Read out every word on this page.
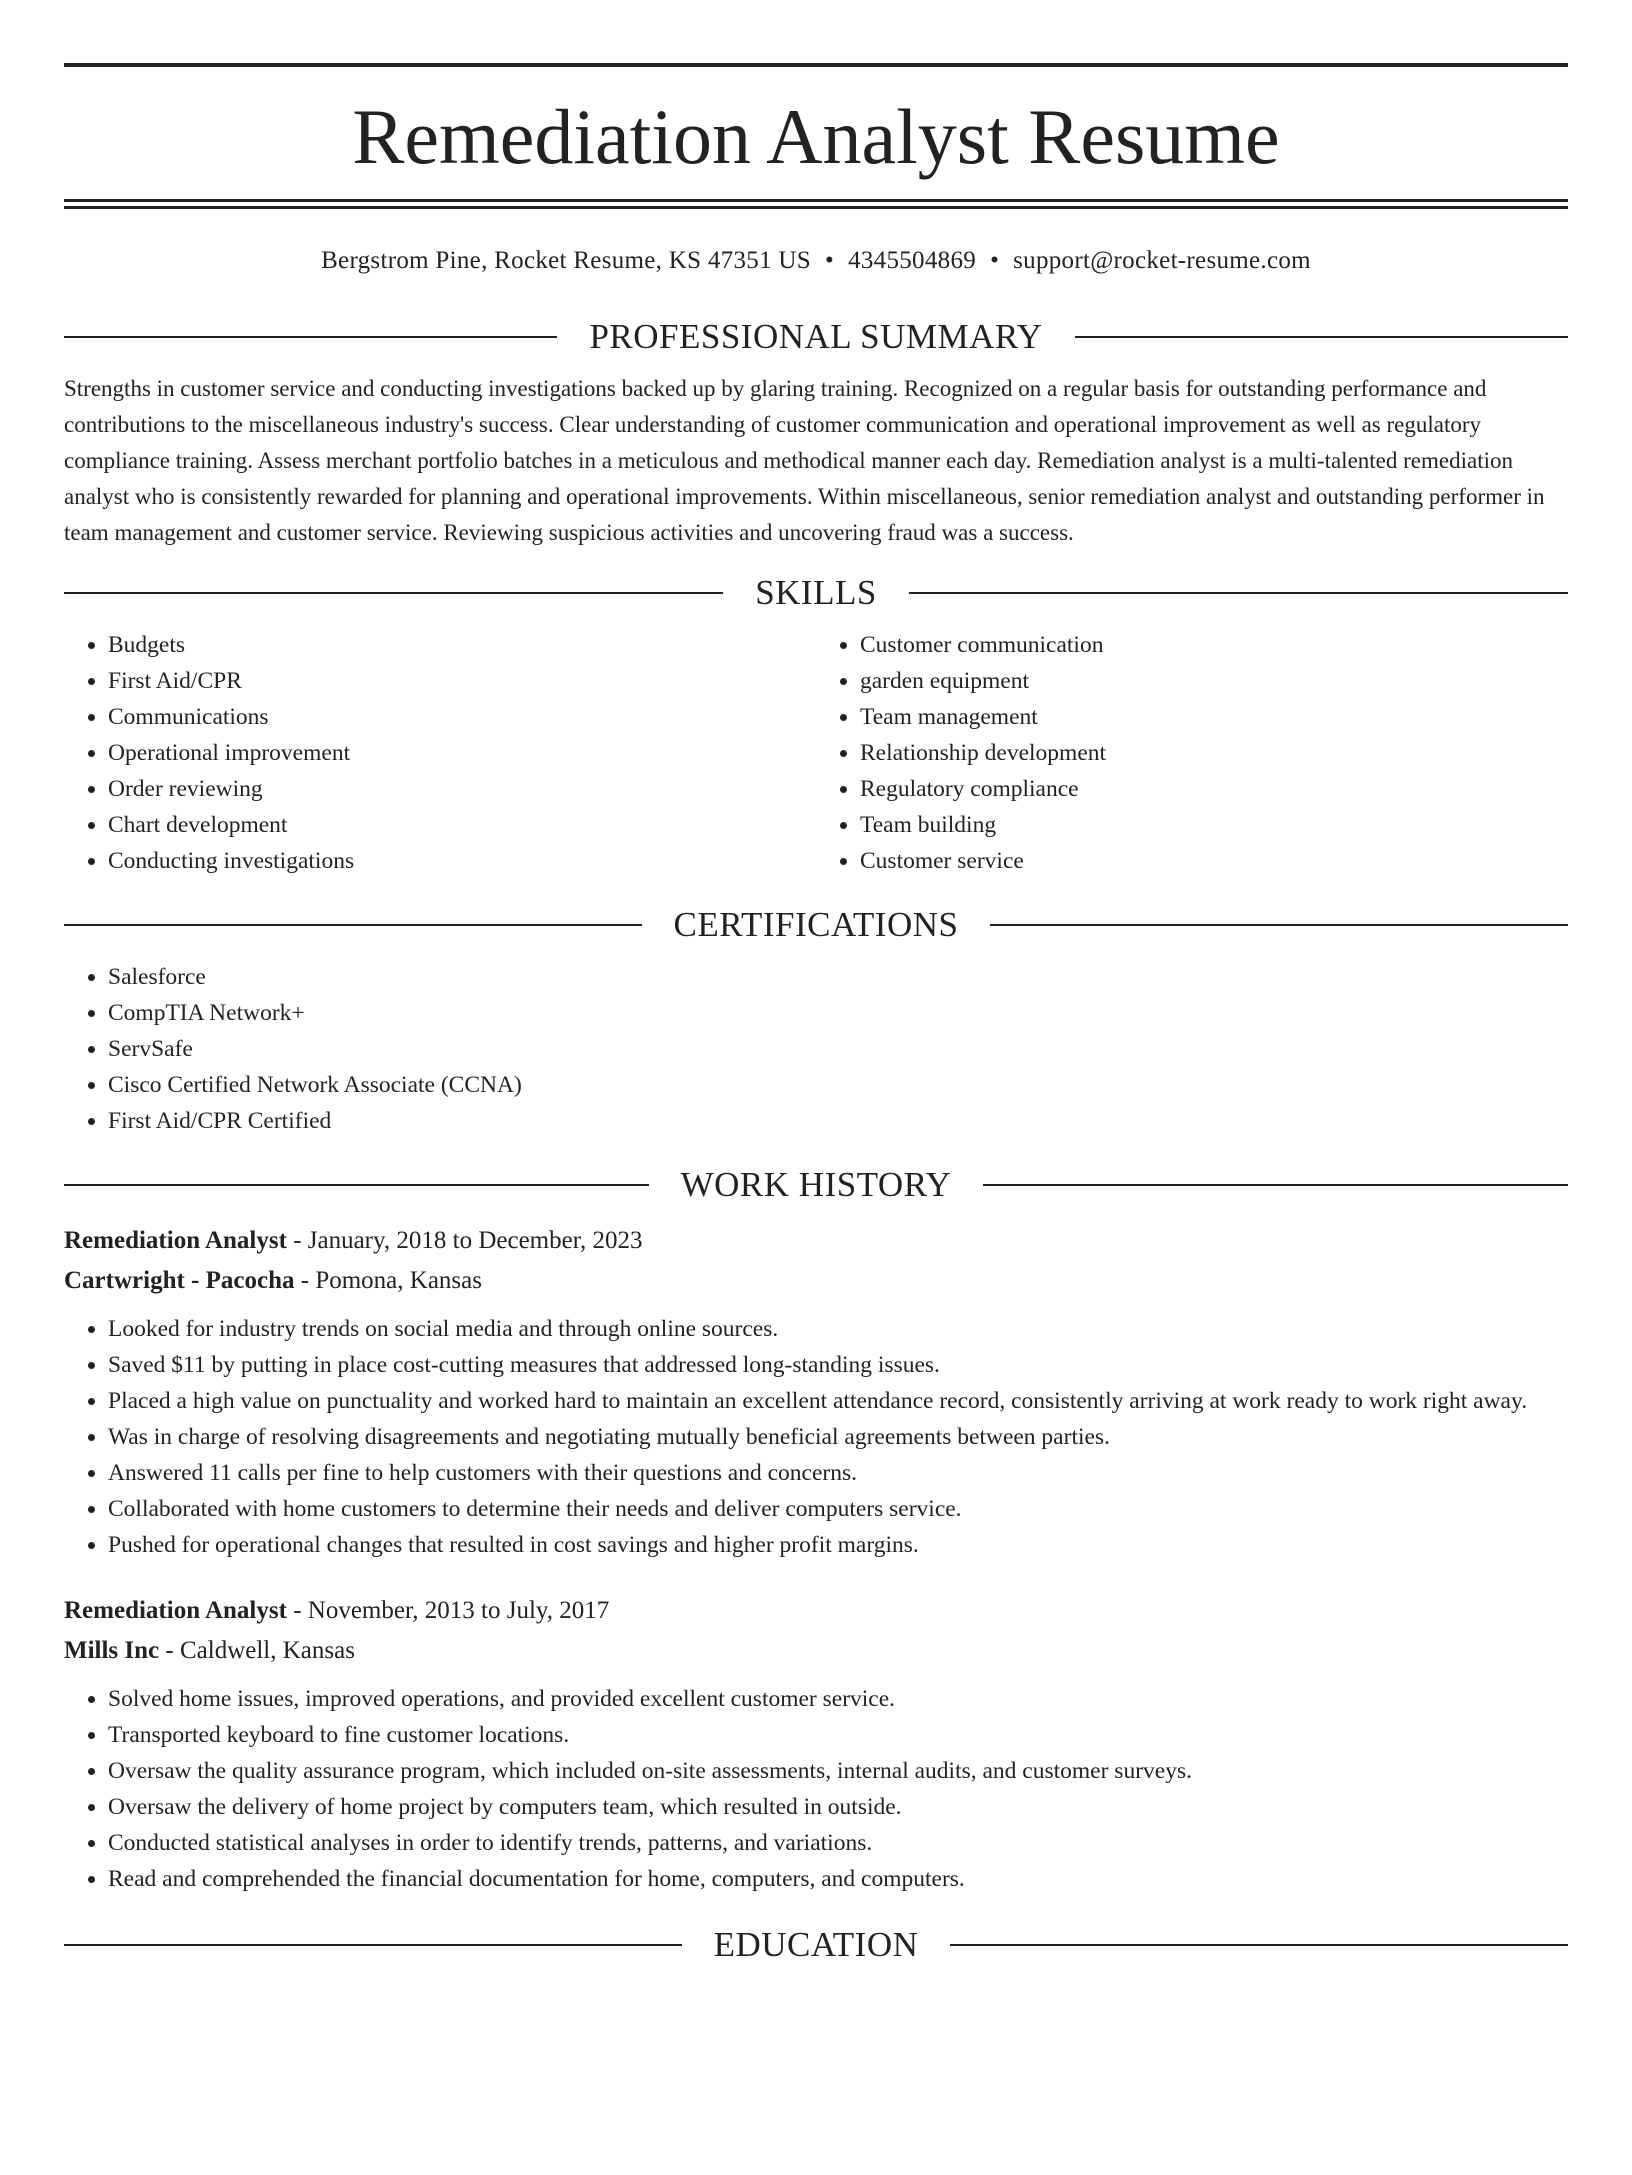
Remediation Analyst Resume
Bergstrom Pine, Rocket Resume, KS 47351 US • 4345504869 • support@rocket-resume.com
PROFESSIONAL SUMMARY

Strengths in customer service and conducting investigations backed up by glaring training. Recognized on a regular basis for outstanding performance and contributions to the miscellaneous industry's success. Clear understanding of customer communication and operational improvement as well as regulatory compliance training. Assess merchant portfolio batches in a meticulous and methodical manner each day. Remediation analyst is a multi-talented remediation analyst who is consistently rewarded for planning and operational improvements. Within miscellaneous, senior remediation analyst and outstanding performer in team management and customer service. Reviewing suspicious activities and uncovering fraud was a success.

SKILLS
• Budgets
• First Aid/CPR
• Communications
• Operational improvement
• Order reviewing
• Chart development
• Conducting investigations
• Customer communication
• garden equipment
• Team management
• Relationship development
• Regulatory compliance
• Team building
• Customer service
CERTIFICATIONS
• Salesforce
• CompTIA Network+
• ServSafe
• Cisco Certified Network Associate (CCNA)
• First Aid/CPR Certified
WORK HISTORY
Remediation Analyst - January, 2018 to December, 2023
Cartwright - Pacocha - Pomona, Kansas
• Looked for industry trends on social media and through online sources.
• Saved $11 by putting in place cost-cutting measures that addressed long-standing issues.
• Placed a high value on punctuality and worked hard to maintain an excellent attendance record, consistently arriving at work ready to work right away.
• Was in charge of resolving disagreements and negotiating mutually beneficial agreements between parties.
• Answered 11 calls per fine to help customers with their questions and concerns.
• Collaborated with home customers to determine their needs and deliver computers service.
• Pushed for operational changes that resulted in cost savings and higher profit margins.
Remediation Analyst - November, 2013 to July, 2017
Mills Inc - Caldwell, Kansas
• Solved home issues, improved operations, and provided excellent customer service.
• Transported keyboard to fine customer locations.
• Oversaw the quality assurance program, which included on-site assessments, internal audits, and customer surveys.
• Oversaw the delivery of home project by computers team, which resulted in outside.
• Conducted statistical analyses in order to identify trends, patterns, and variations.
• Read and comprehended the financial documentation for home, computers, and computers.
EDUCATION
